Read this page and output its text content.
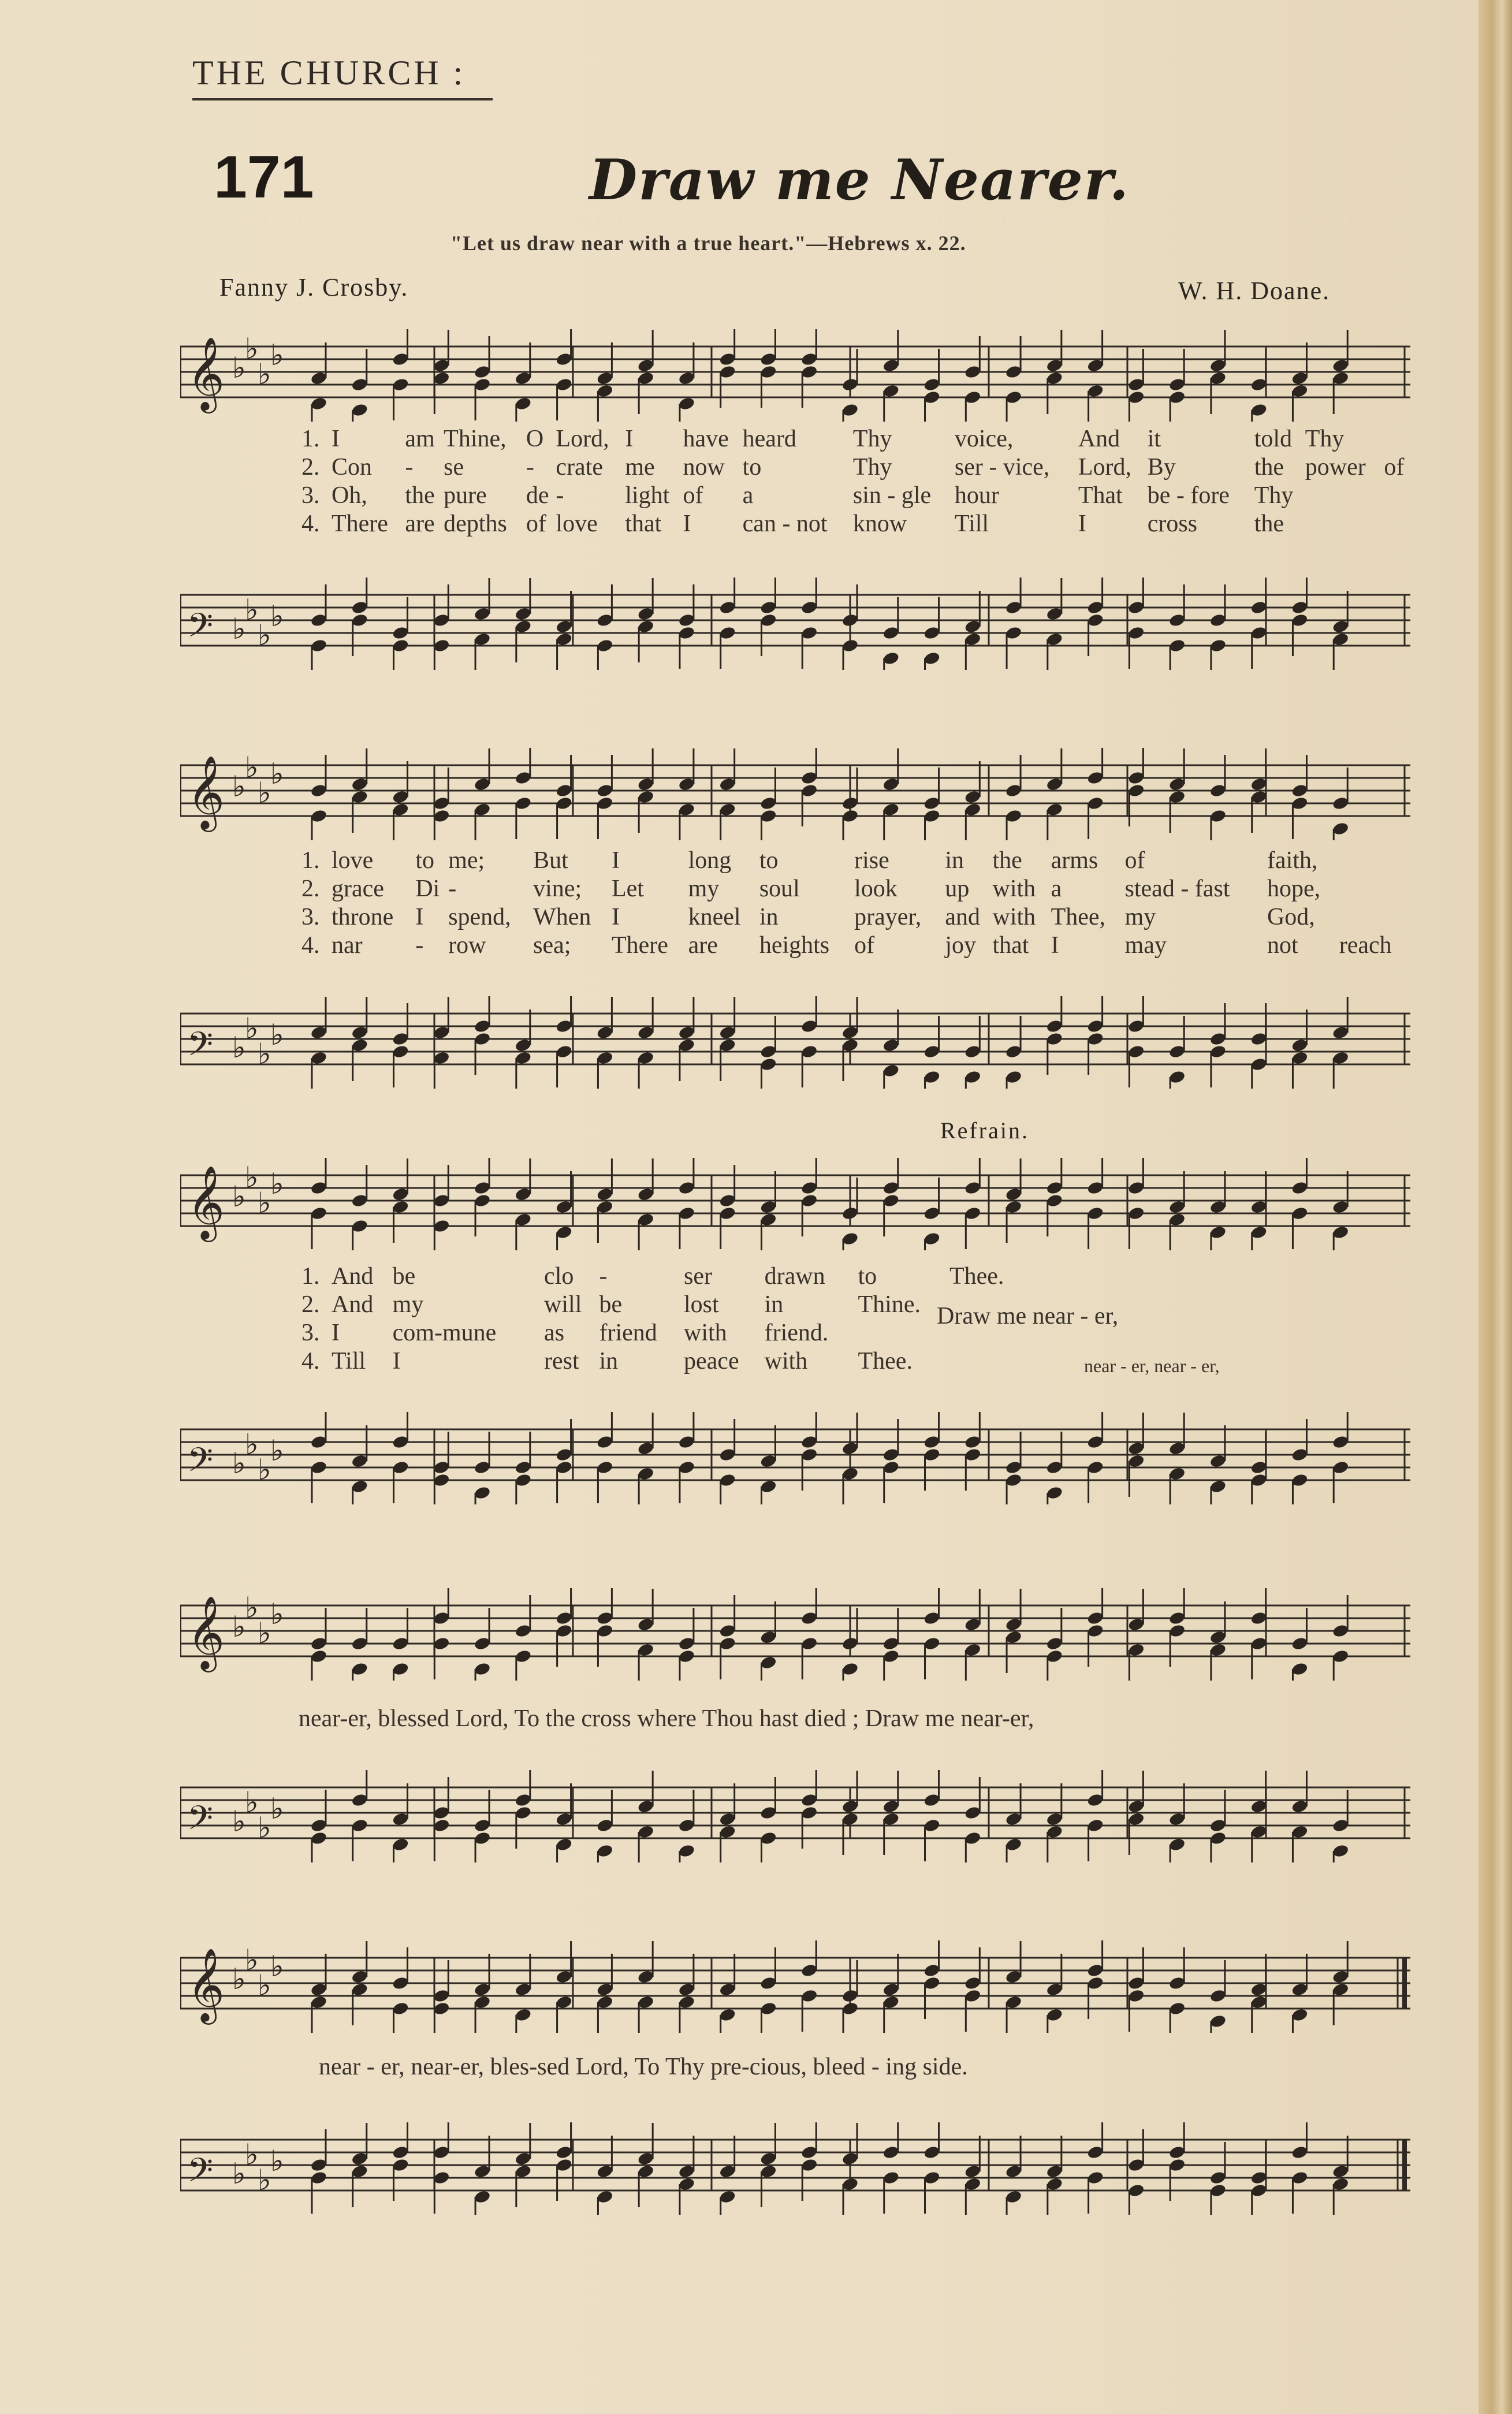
THE CHURCH :
171	Draw me Nearer.
"Let us draw near with a true heart."—Hebrews x. 22.
Fanny J. Crosby.	W. H. Doane.
𝄞 ♭
♭
♭
♭
1.	I	am	Thine,	O	Lord,	I	have	heard	Thy	voice,	And	it	told	Thy	
2.	Con	-	se	-	crate	me	now	to	Thy	ser - vice,	Lord,	By	the	power	of
3.	Oh,	the	pure	de	-	light	of	a	sin - gle	hour	That	be - fore	Thy		
4.	There	are	depths	of	love	that	I	can - not	know	Till	I	cross	the		
𝄢 ♭
♭
♭
♭
𝄞 ♭
♭
♭
♭
1.	love	to	me;	But	I	long	to	rise	in	the	arms	of	faith,	
2.	grace	Di	-	vine;	Let	my	soul	look	up	with	a	stead - fast	hope,	
3.	throne	I	spend,	When	I	kneel	in	prayer,	and	with	Thee,	my	God,	
4.	nar	-	row	sea;	There	are	heights	of	joy	that	I	may	not	reach
𝄢 ♭
♭
♭
♭
Refrain.
𝄞 ♭
♭
♭
♭
1.	And	be	clo	-	ser	drawn	to	Thee.
2.	And	my	will	be	lost	in	Thine.	
3.	I	com-mune	as	friend	with	friend.		
4.	Till	I	rest	in	peace	with	Thee.	
Draw me near - er,
near - er, near - er,
𝄢 ♭
♭
♭
♭
𝄞 ♭
♭
♭
♭
near-er, blessed Lord, To the cross where Thou hast died ; Draw me near-er,
𝄢 ♭
♭
♭
♭
𝄞 ♭
♭
♭
♭
near - er, near-er, bles-sed Lord, To Thy pre-cious, bleed - ing side.
𝄢 ♭
♭
♭
♭
